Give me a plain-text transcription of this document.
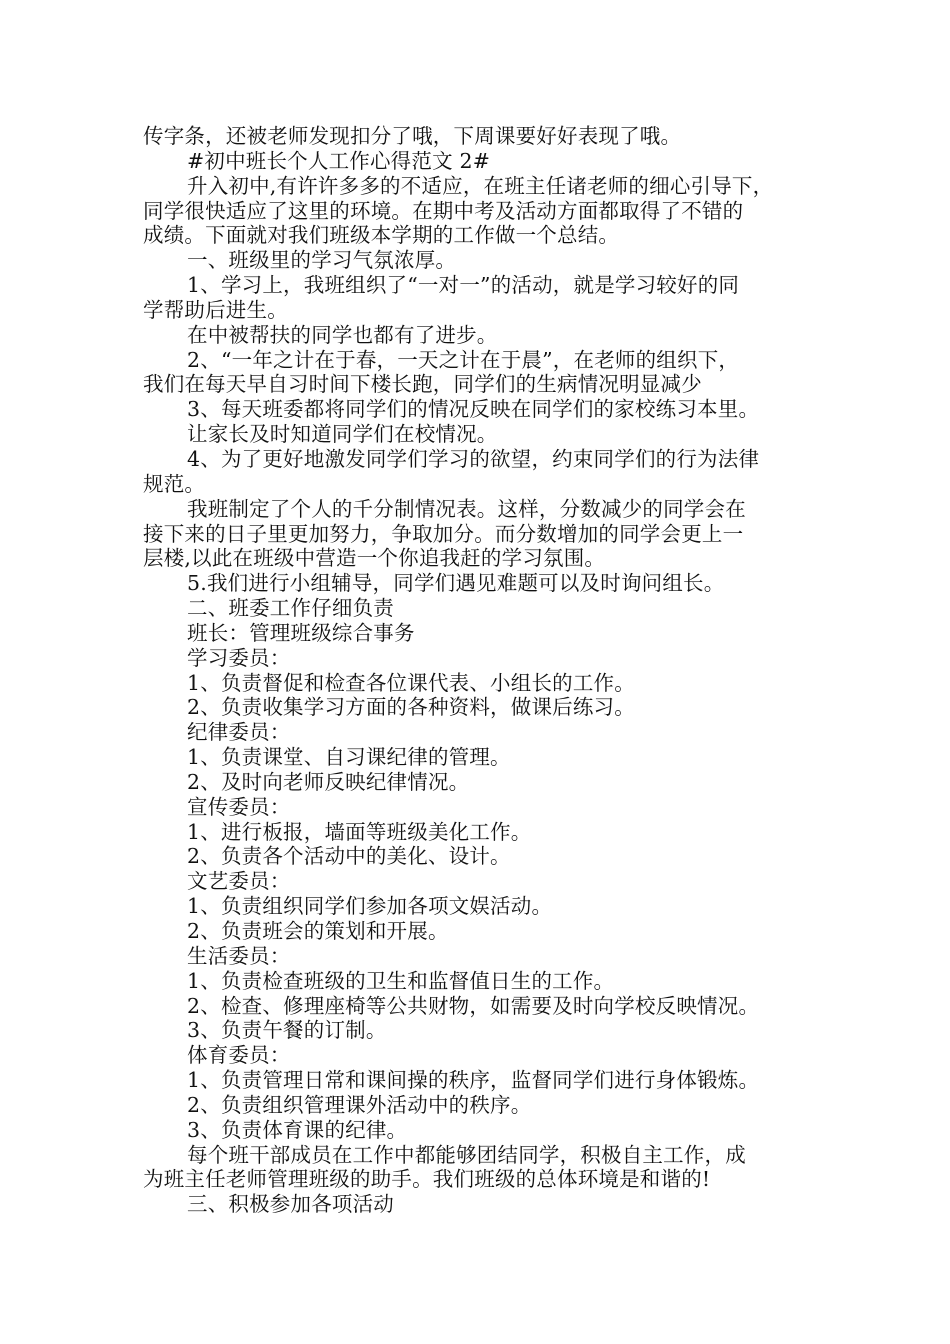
传字条，还被老师发现扣分了哦，下周课要好好表现了哦。
#初中班长个人工作心得范文 2#
升入初中,有许许多多的不适应，在班主任诸老师的细心引导下，
同学很快适应了这里的环境。在期中考及活动方面都取得了不错的
成绩。下面就对我们班级本学期的工作做一个总结。
一、班级里的学习气氛浓厚。
1、学习上，我班组织了“一对一”的活动，就是学习较好的同
学帮助后进生。
在中被帮扶的同学也都有了进步。
2、“一年之计在于春，一天之计在于晨”，在老师的组织下，
我们在每天早自习时间下楼长跑，同学们的生病情况明显减少
3、每天班委都将同学们的情况反映在同学们的家校练习本里。
让家长及时知道同学们在校情况。
4、为了更好地激发同学们学习的欲望，约束同学们的行为法律
规范。
我班制定了个人的千分制情况表。这样，分数减少的同学会在
接下来的日子里更加努力，争取加分。而分数增加的同学会更上一
层楼,以此在班级中营造一个你追我赶的学习氛围。
5.我们进行小组辅导，同学们遇见难题可以及时询问组长。
二、班委工作仔细负责
班长：管理班级综合事务
学习委员：
1、负责督促和检查各位课代表、小组长的工作。
2、负责收集学习方面的各种资料，做课后练习。
纪律委员：
1、负责课堂、自习课纪律的管理。
2、及时向老师反映纪律情况。
宣传委员：
1、进行板报，墙面等班级美化工作。
2、负责各个活动中的美化、设计。
文艺委员：
1、负责组织同学们参加各项文娱活动。
2、负责班会的策划和开展。
生活委员：
1、负责检查班级的卫生和监督值日生的工作。
2、检查、修理座椅等公共财物，如需要及时向学校反映情况。
3、负责午餐的订制。
体育委员：
1、负责管理日常和课间操的秩序，监督同学们进行身体锻炼。
2、负责组织管理课外活动中的秩序。
3、负责体育课的纪律。
每个班干部成员在工作中都能够团结同学，积极自主工作，成
为班主任老师管理班级的助手。我们班级的总体环境是和谐的!
三、积极参加各项活动
